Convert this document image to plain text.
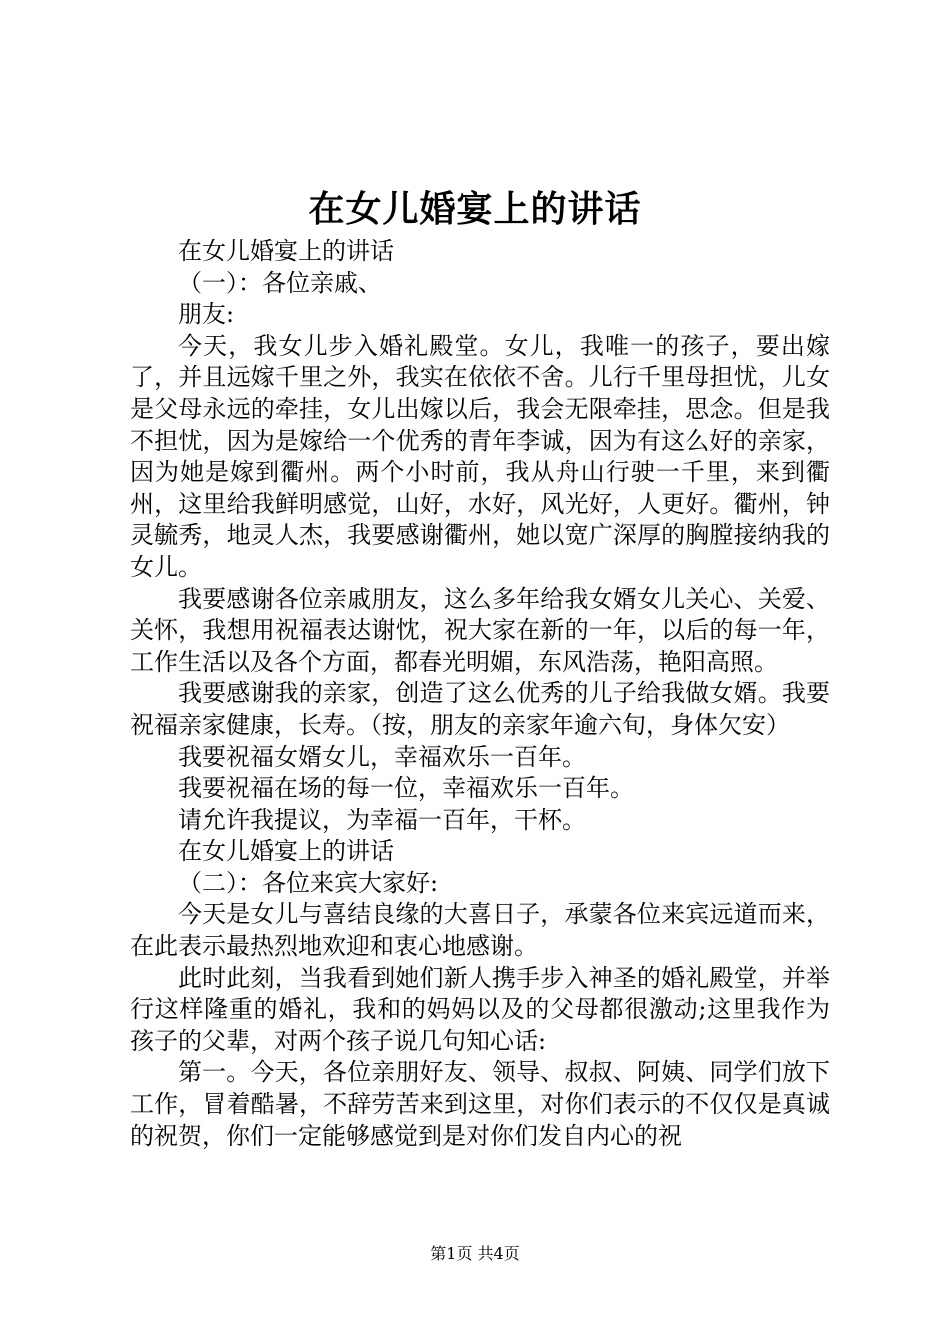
在女儿婚宴上的讲话

在女儿婚宴上的讲话

（一）：各位亲戚、

朋友:

今天，我女儿步入婚礼殿堂。女儿，我唯一的孩子，要出嫁了，并且远嫁千里之外，我实在依依不舍。儿行千里母担忧，儿女是父母永远的牵挂，女儿出嫁以后，我会无限牵挂，思念。但是我不担忧，因为是嫁给一个优秀的青年李诚，因为有这么好的亲家，因为她是嫁到衢州。两个小时前，我从舟山行驶一千里，来到衢州，这里给我鲜明感觉，山好，水好，风光好，人更好。衢州，钟灵毓秀，地灵人杰，我要感谢衢州，她以宽广深厚的胸膛接纳我的女儿。

我要感谢各位亲戚朋友，这么多年给我女婿女儿关心、关爱、关怀，我想用祝福表达谢忱，祝大家在新的一年，以后的每一年，工作生活以及各个方面，都春光明媚，东风浩荡，艳阳高照。

我要感谢我的亲家，创造了这么优秀的儿子给我做女婿。我要祝福亲家健康，长寿。（按，朋友的亲家年逾六旬，身体欠安）

我要祝福女婿女儿，幸福欢乐一百年。

我要祝福在场的每一位，幸福欢乐一百年。

请允许我提议，为幸福一百年，干杯。

在女儿婚宴上的讲话

（二）：各位来宾大家好:

今天是女儿与喜结良缘的大喜日子，承蒙各位来宾远道而来，在此表示最热烈地欢迎和衷心地感谢。

此时此刻，当我看到她们新人携手步入神圣的婚礼殿堂，并举行这样隆重的婚礼，我和的妈妈以及的父母都很激动;这里我作为孩子的父辈，对两个孩子说几句知心话:

第一。今天，各位亲朋好友、领导、叔叔、阿姨、同学们放下工作，冒着酷暑，不辞劳苦来到这里，对你们表示的不仅仅是真诚的祝贺，你们一定能够感觉到是对你们发自内心的祝

第1页 共4页
